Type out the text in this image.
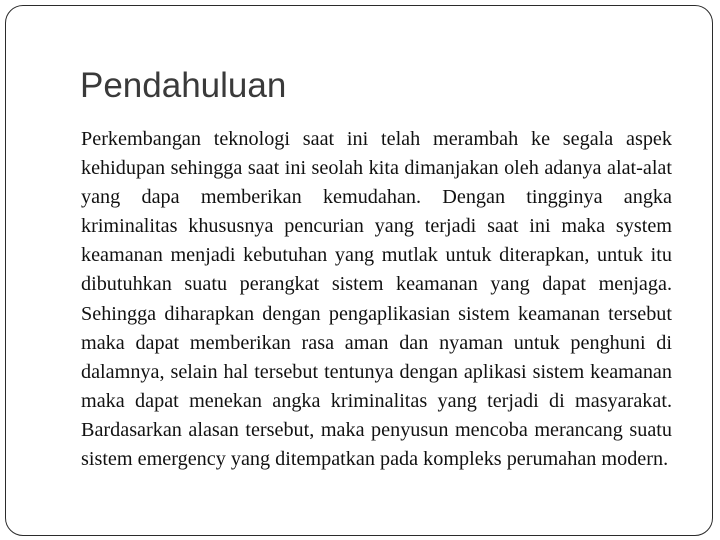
Pendahuluan

Perkembangan teknologi saat ini telah merambah ke segala aspek kehidupan sehingga saat ini seolah kita dimanjakan oleh adanya alat-alat yang dapa memberikan kemudahan. Dengan tingginya angka kriminalitas khususnya pencurian yang terjadi saat ini maka system keamanan menjadi kebutuhan yang mutlak untuk diterapkan, untuk itu dibutuhkan suatu perangkat sistem keamanan yang dapat menjaga. Sehingga diharapkan dengan pengaplikasian sistem keamanan tersebut maka dapat memberikan rasa aman dan nyaman untuk penghuni di dalamnya, selain hal tersebut tentunya dengan aplikasi sistem keamanan maka dapat menekan angka kriminalitas yang terjadi di masyarakat. Bardasarkan alasan tersebut, maka penyusun mencoba merancang suatu sistem emergency yang ditempatkan pada kompleks perumahan modern.
